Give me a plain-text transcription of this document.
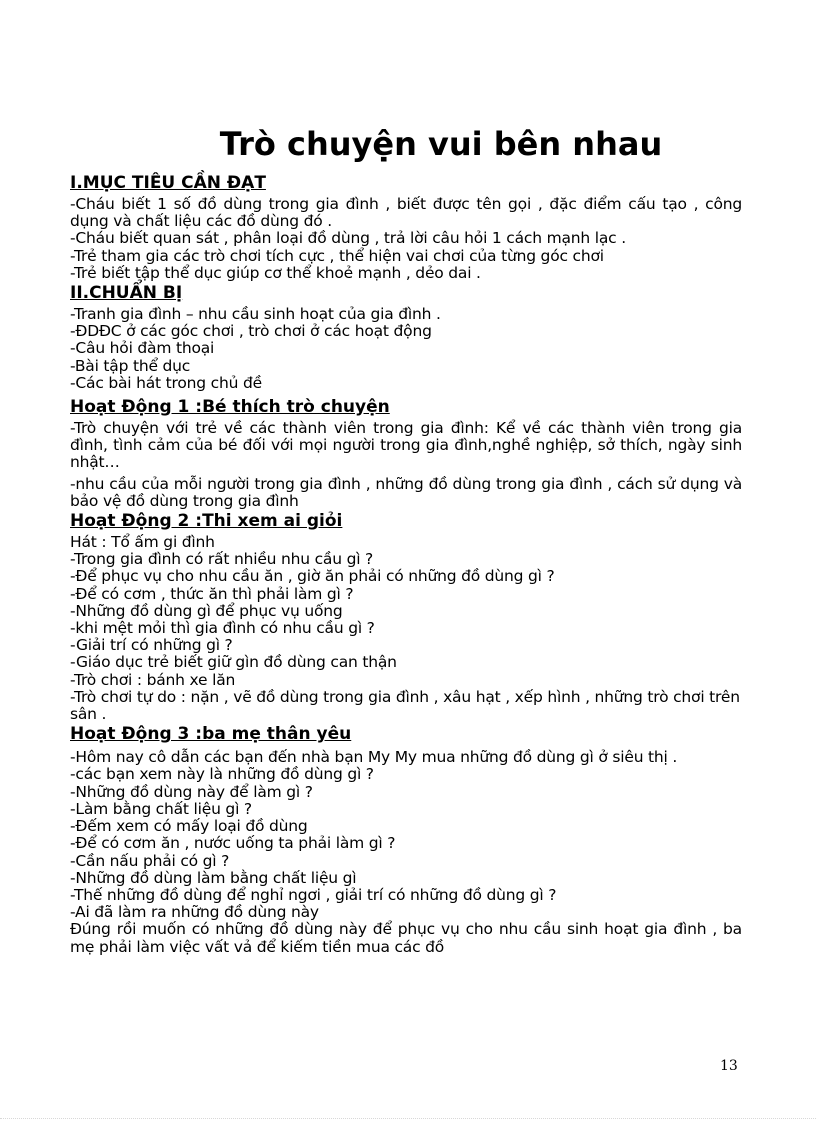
Trò chuyện vui bên nhau
I.MỤC TIÊU CẦN ĐẠT

-Cháu biết 1 số đồ dùng trong gia đình , biết được tên gọi , đặc điểm cấu tạo , công dụng và chất liệu các đồ dùng đó .

-Cháu biết quan sát , phân loại đồ dùng , trả lời câu hỏi 1 cách mạnh lạc .

-Trẻ tham gia các trò chơi tích cực , thể hiện vai chơi của từng góc chơi

-Trẻ biết tập thể dục giúp cơ thể khoẻ mạnh , dẻo dai .

II.CHUẨN BỊ

-Tranh gia đình – nhu cầu sinh hoạt của gia đình .

-ĐDĐC ở các góc chơi , trò chơi ở các hoạt động

-Câu hỏi đàm thoại

-Bài tập thể dục

-Các bài hát trong chủ đề

Hoạt Động 1 :Bé thích trò chuyện

-Trò chuyện với trẻ về các thành viên trong gia đình: Kể về các thành viên trong gia đình, tình cảm của bé đối với mọi người trong gia đình,nghề nghiệp, sở thích, ngày sinh nhật…

-nhu cầu của mỗi người trong gia đình , những đồ dùng trong gia đình , cách sử dụng và bảo vệ đồ dùng trong gia đình

Hoạt Động 2 :Thi xem ai giỏi

Hát : Tổ ấm gi đình

-Trong gia đình có rất nhiều nhu cầu gì ?

-Để phục vụ cho nhu cầu ăn , giờ ăn phải có những đồ dùng gì ?

-Để có cơm , thức ăn thì phải làm gì ?

-Những đồ dùng gì để phục vụ uống

-khi mệt mỏi thì gia đình có nhu cầu gì ?

-Giải trí có những gì ?

-Giáo dục trẻ biết giữ gìn đồ dùng can thận

-Trò chơi : bánh xe lăn

-Trò chơi tự do : nặn , vẽ đồ dùng trong gia đình , xâu hạt , xếp hình , những trò chơi trên sân .

Hoạt Động 3 :ba mẹ thân yêu

-Hôm nay cô dẫn các bạn đến nhà bạn My My mua những đồ dùng gì ở siêu thị .

-các bạn xem này là những đồ dùng gì ?

-Những đồ dùng này để làm gì ?

-Làm bằng chất liệu gì ?

-Đếm xem có mấy loại đồ dùng

-Để có cơm ăn , nước uống ta phải làm gì ?

-Cần nấu phải có gì ?

-Những đồ dùng làm bằng chất liệu gì

-Thế những đồ dùng để nghỉ ngơi , giải trí có những đồ dùng gì ?

-Ai đã làm ra những đồ dùng này

Đúng rồi muốn có những đồ dùng này để phục vụ cho nhu cầu sinh hoạt gia đình , ba mẹ phải làm việc vất vả để kiếm tiền mua các đồ

13
